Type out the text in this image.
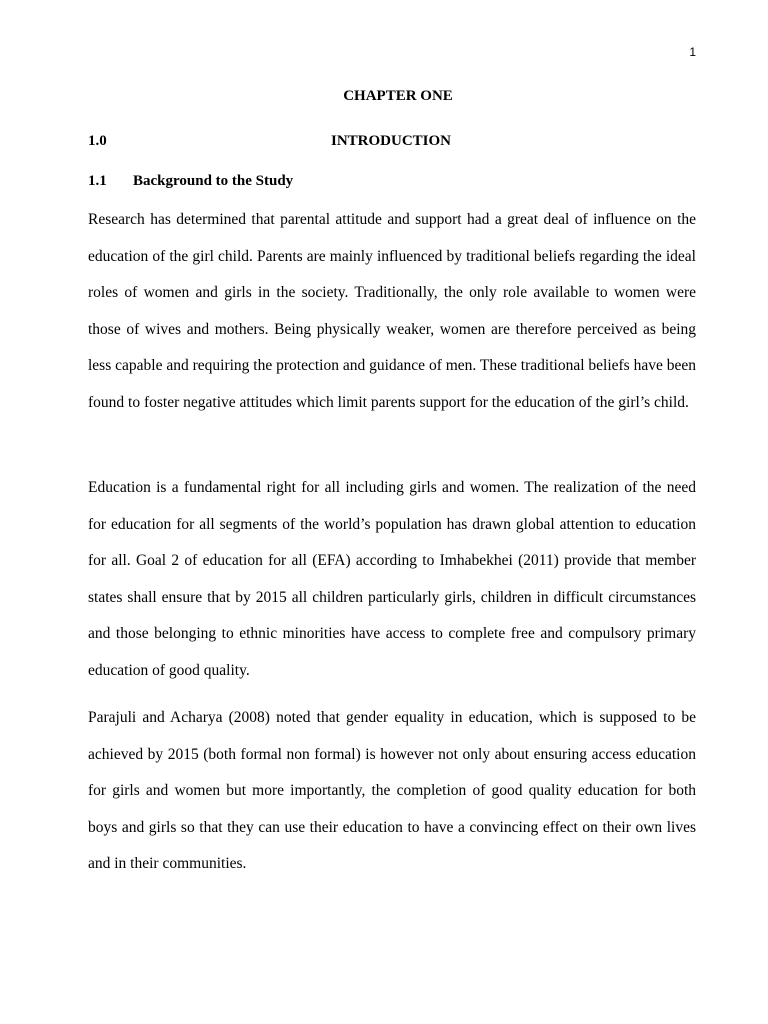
1
CHAPTER ONE
1.0	INTRODUCTION
1.1 Background to the Study

Research has determined that parental attitude and support had a great deal of influence on the education of the girl child. Parents are mainly influenced by traditional beliefs regarding the ideal roles of women and girls in the society. Traditionally, the only role available to women were those of wives and mothers. Being physically weaker, women are therefore perceived as being less capable and requiring the protection and guidance of men. These traditional beliefs have been found to foster negative attitudes which limit parents support for the education of the girl’s child.

Education is a fundamental right for all including girls and women. The realization of the need for education for all segments of the world’s population has drawn global attention to education for all. Goal 2 of education for all (EFA) according to Imhabekhei (2011) provide that member states shall ensure that by 2015 all children particularly girls, children in difficult circumstances and those belonging to ethnic minorities have access to complete free and compulsory primary education of good quality.

Parajuli and Acharya (2008) noted that gender equality in education, which is supposed to be achieved by 2015 (both formal non formal) is however not only about ensuring access education for girls and women but more importantly, the completion of good quality education for both boys and girls so that they can use their education to have a convincing effect on their own lives and in their communities.
